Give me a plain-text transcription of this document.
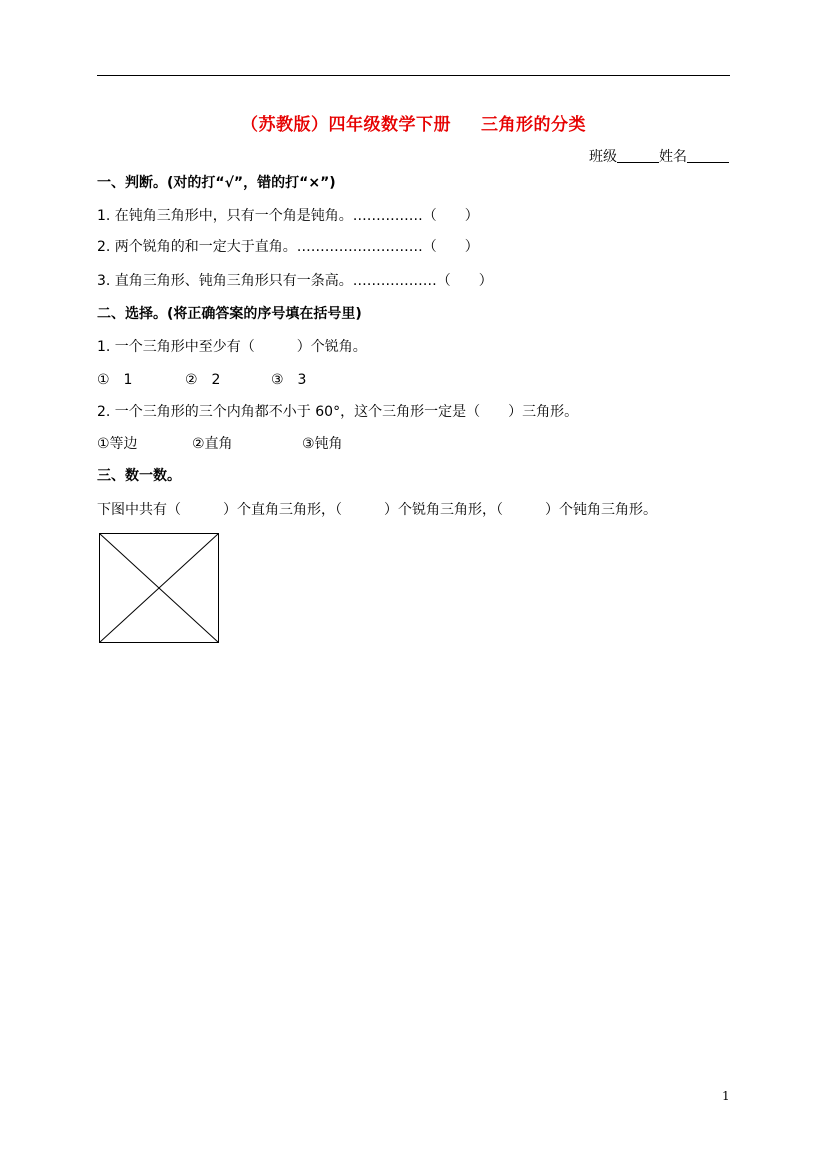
（苏教版）四年级数学下册 三角形的分类
班级	姓名
一、判断。(对的打“√”，错的打“×”)
1. 在钝角三角形中，只有一个角是钝角。……………（　　）
2. 两个锐角的和一定大于直角。………………………（　　）
3. 直角三角形、钝角三角形只有一条高。………………（　　）
二、选择。(将正确答案的序号填在括号里)
1. 一个三角形中至少有（　　　）个锐角。
①　1	②　2	③　3
2. 一个三角形的三个内角都不小于 60°，这个三角形一定是（　　）三角形。
①等边	②直角	③钝角
三、数一数。
下图中共有（　　　）个直角三角形，（　　　）个锐角三角形，（　　　）个钝角三角形。
1
